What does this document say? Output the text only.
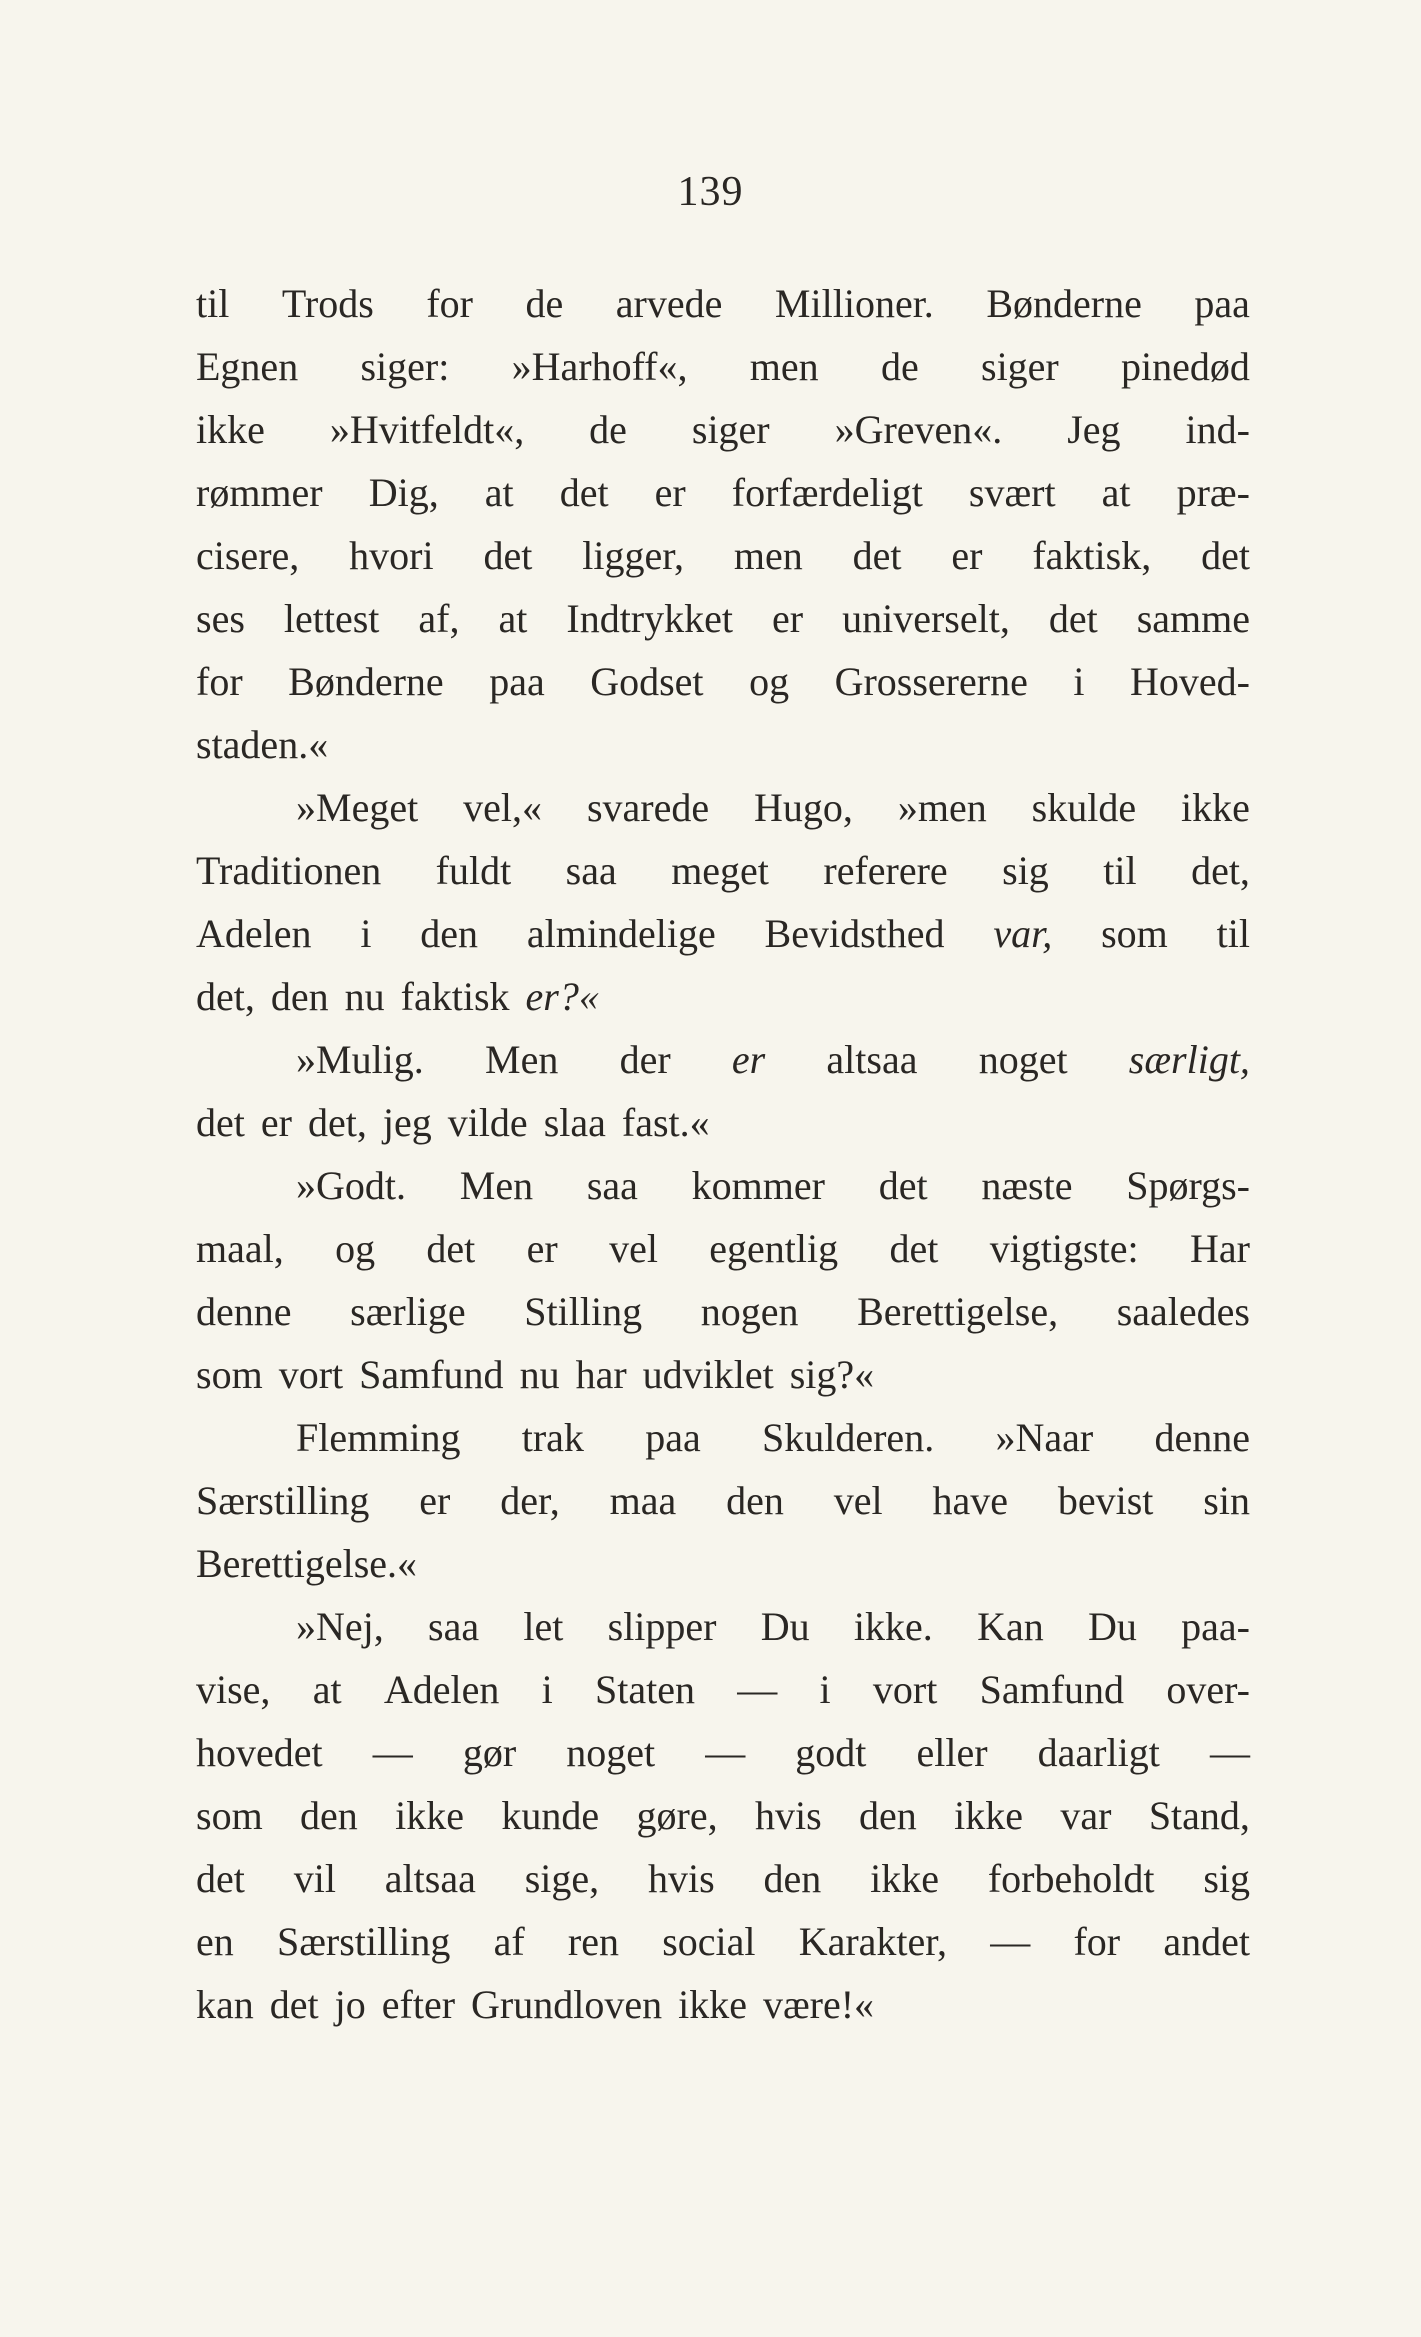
139
til Trods for de arvede Millioner. Bønderne paa
Egnen siger: »Harhoff«, men de siger pinedød
ikke »Hvitfeldt«, de siger »Greven«. Jeg ind-
rømmer Dig, at det er forfærdeligt svært at præ-
cisere, hvori det ligger, men det er faktisk, det
ses lettest af, at Indtrykket er universelt, det samme
for Bønderne paa Godset og Grossererne i Hoved-
staden.«
»Meget vel,« svarede Hugo, »men skulde ikke
Traditionen fuldt saa meget referere sig til det,
Adelen i den almindelige Bevidsthed var, som til
det, den nu faktisk er?«
»Mulig. Men der er altsaa noget særligt,
det er det, jeg vilde slaa fast.«
»Godt. Men saa kommer det næste Spørgs-
maal, og det er vel egentlig det vigtigste: Har
denne særlige Stilling nogen Berettigelse, saaledes
som vort Samfund nu har udviklet sig?«
Flemming trak paa Skulderen. »Naar denne
Særstilling er der, maa den vel have bevist sin
Berettigelse.«
»Nej, saa let slipper Du ikke. Kan Du paa-
vise, at Adelen i Staten — i vort Samfund over-
hovedet — gør noget — godt eller daarligt —
som den ikke kunde gøre, hvis den ikke var Stand,
det vil altsaa sige, hvis den ikke forbeholdt sig
en Særstilling af ren social Karakter, — for andet
kan det jo efter Grundloven ikke være!«
